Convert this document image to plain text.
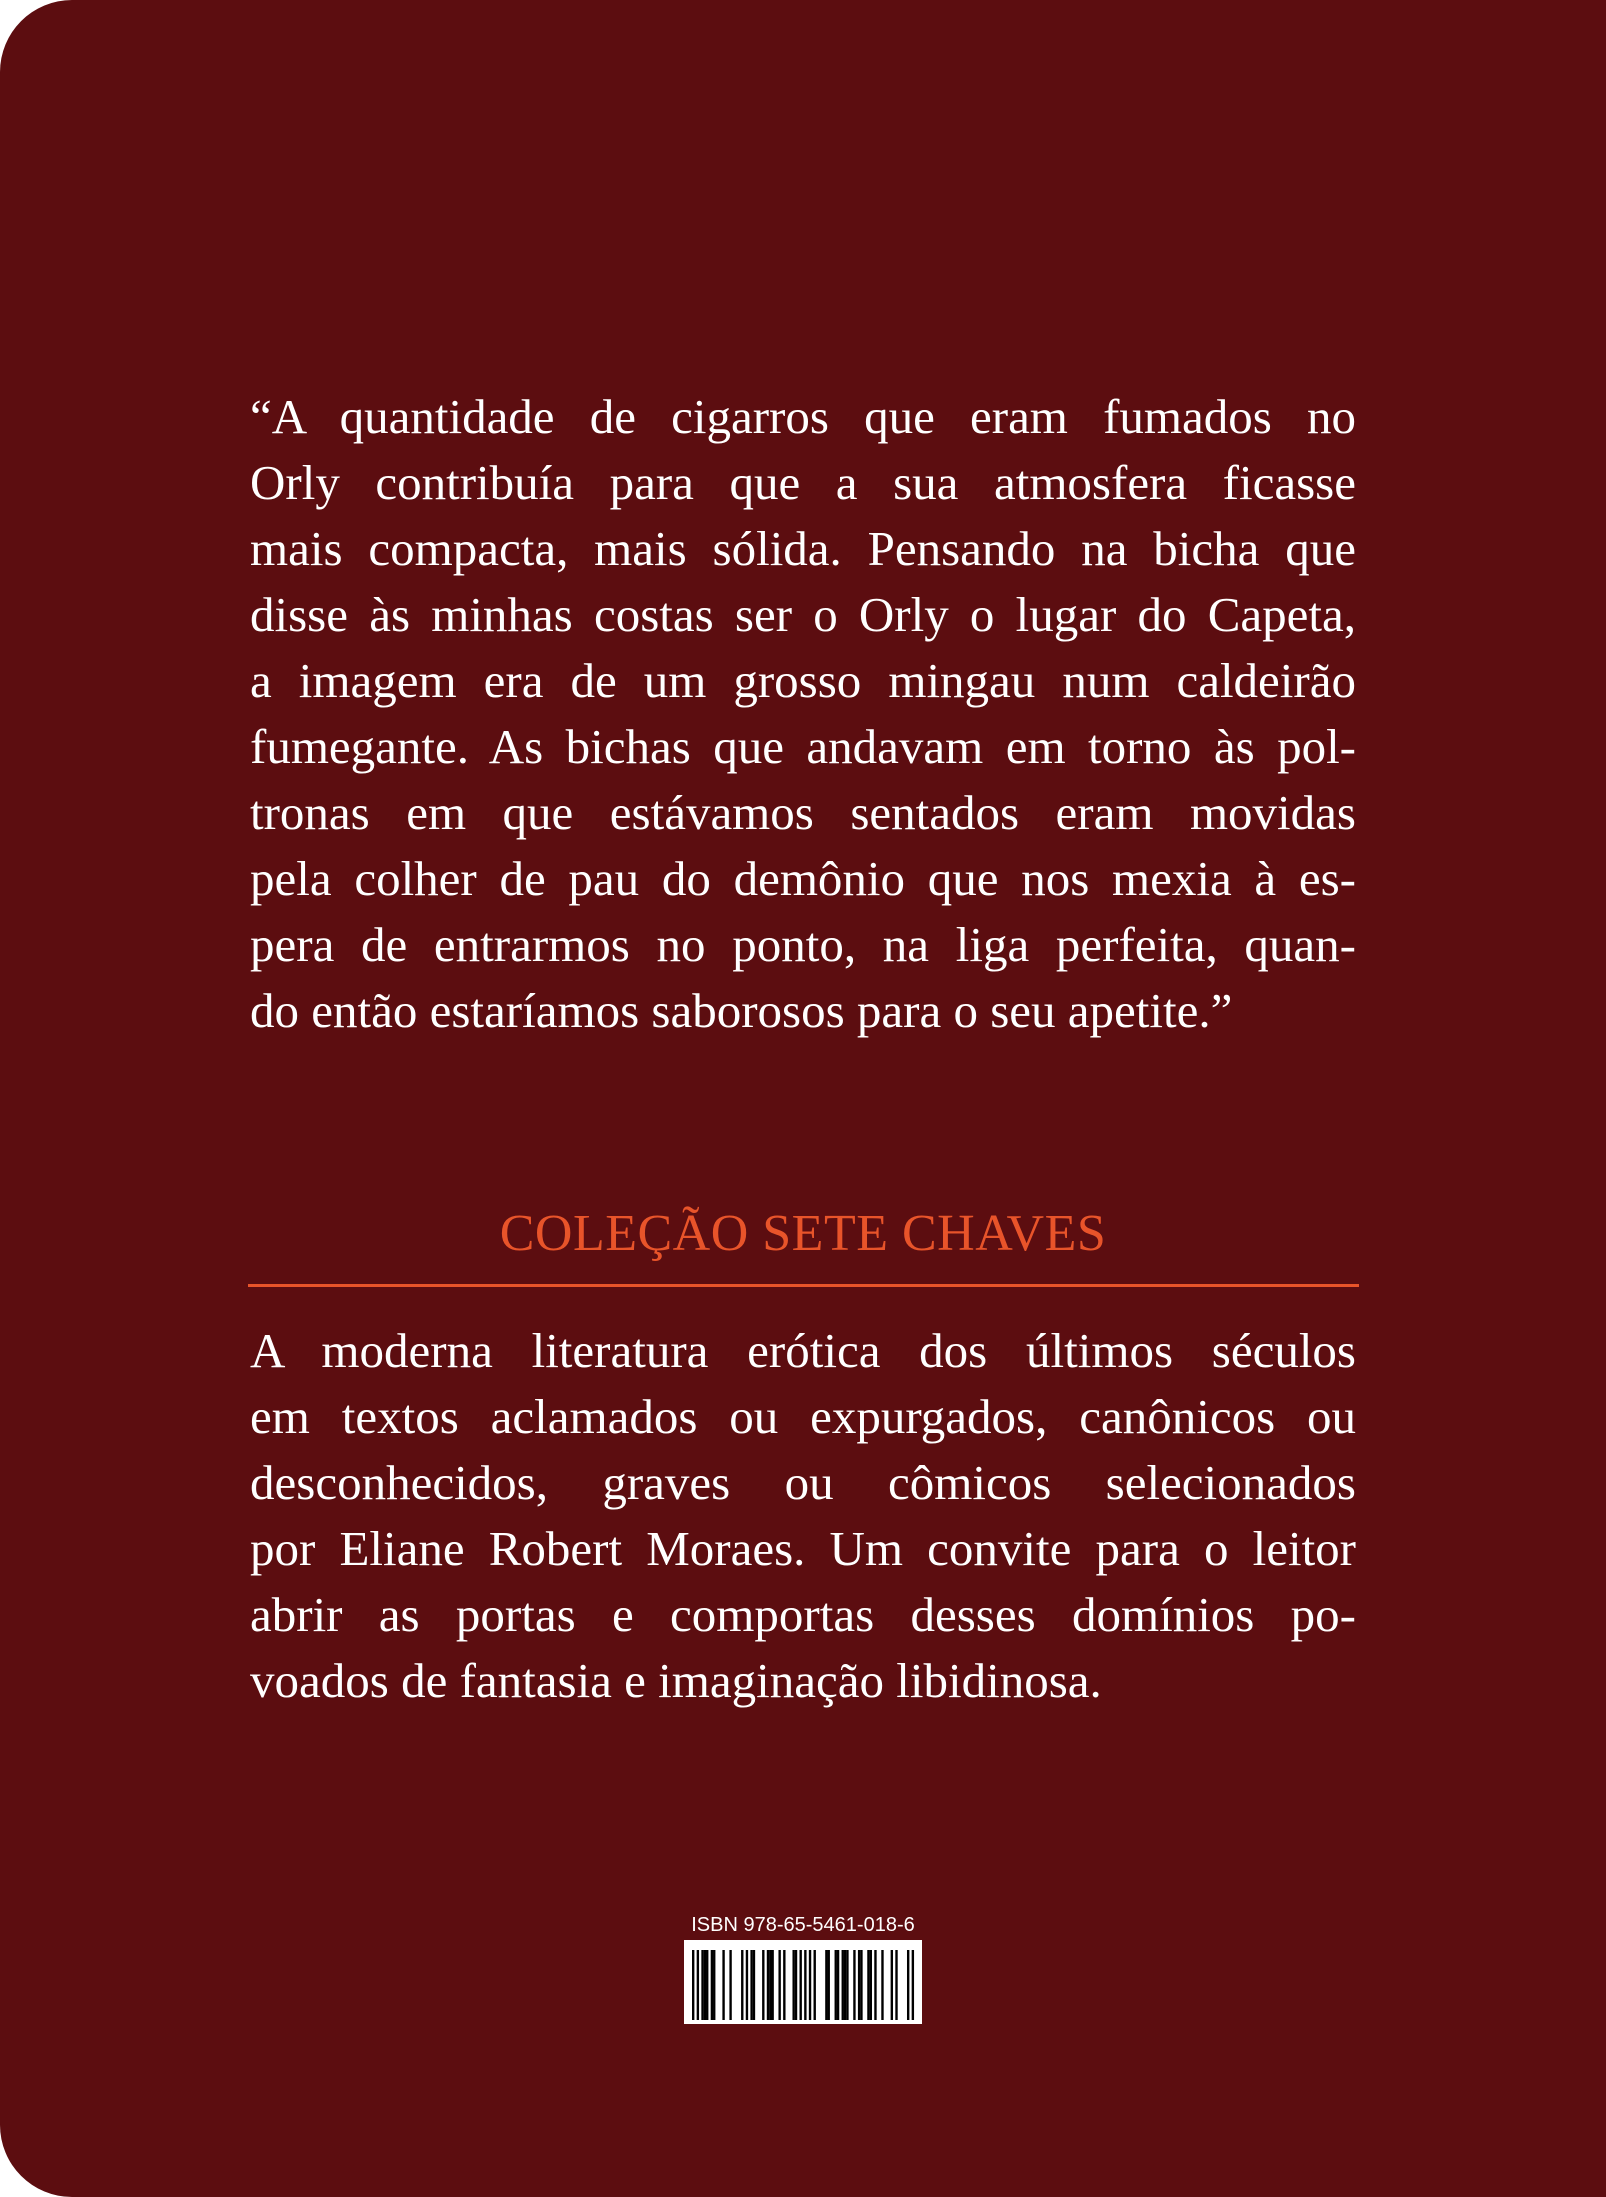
“A quantidade de cigarros que eram fumados no
Orly contribuía para que a sua atmosfera ficasse
mais compacta, mais sólida. Pensando na bicha que
disse às minhas costas ser o Orly o lugar do Capeta,
a imagem era de um grosso mingau num caldeirão
fumegante. As bichas que andavam em torno às pol-
tronas em que estávamos sentados eram movidas
pela colher de pau do demônio que nos mexia à es-
pera de entrarmos no ponto, na liga perfeita, quan-
do então estaríamos saborosos para o seu apetite.”
COLEÇÃO SETE CHAVES
A moderna literatura erótica dos últimos séculos
em textos aclamados ou expurgados, canônicos ou
desconhecidos, graves ou cômicos selecionados
por Eliane Robert Moraes. Um convite para o leitor
abrir as portas e comportas desses domínios po-
voados de fantasia e imaginação libidinosa.
ISBN 978-65-5461-018-6
